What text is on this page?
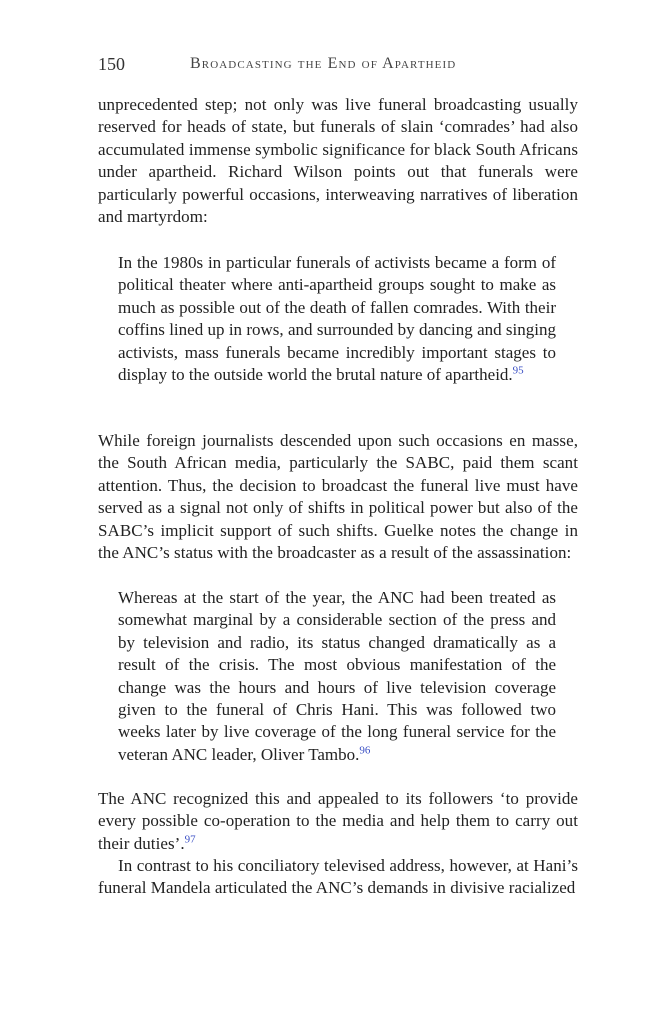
150	Broadcasting the End of Apartheid

unprecedented step; not only was live funeral broadcasting usually reserved for heads of state, but funerals of slain ‘comrades’ had also accumulated immense symbolic significance for black South Africans under apartheid. Richard Wilson points out that funerals were particularly powerful occasions, interweaving narratives of liberation and martyrdom:

In the 1980s in particular funerals of activists became a form of political theater where anti-apartheid groups sought to make as much as possible out of the death of fallen comrades. With their coffins lined up in rows, and surrounded by dancing and singing activists, mass funerals became incredibly important stages to display to the outside world the brutal nature of apartheid.$^{95}$

While foreign journalists descended upon such occasions en masse, the South African media, particularly the SABC, paid them scant attention. Thus, the decision to broadcast the funeral live must have served as a signal not only of shifts in political power but also of the SABC’s implicit support of such shifts. Guelke notes the change in the ANC’s status with the broadcaster as a result of the assassination:

Whereas at the start of the year, the ANC had been treated as somewhat marginal by a considerable section of the press and by television and radio, its status changed dramatically as a result of the crisis. The most obvious manifestation of the change was the hours and hours of live television coverage given to the funeral of Chris Hani. This was followed two weeks later by live coverage of the long funeral service for the veteran ANC leader, Oliver Tambo.$^{96}$

The ANC recognized this and appealed to its followers ‘to provide every possible co-operation to the media and help them to carry out their duties’.$^{97}$

In contrast to his conciliatory televised address, however, at Hani’s funeral Mandela articulated the ANC’s demands in divisive racialized
